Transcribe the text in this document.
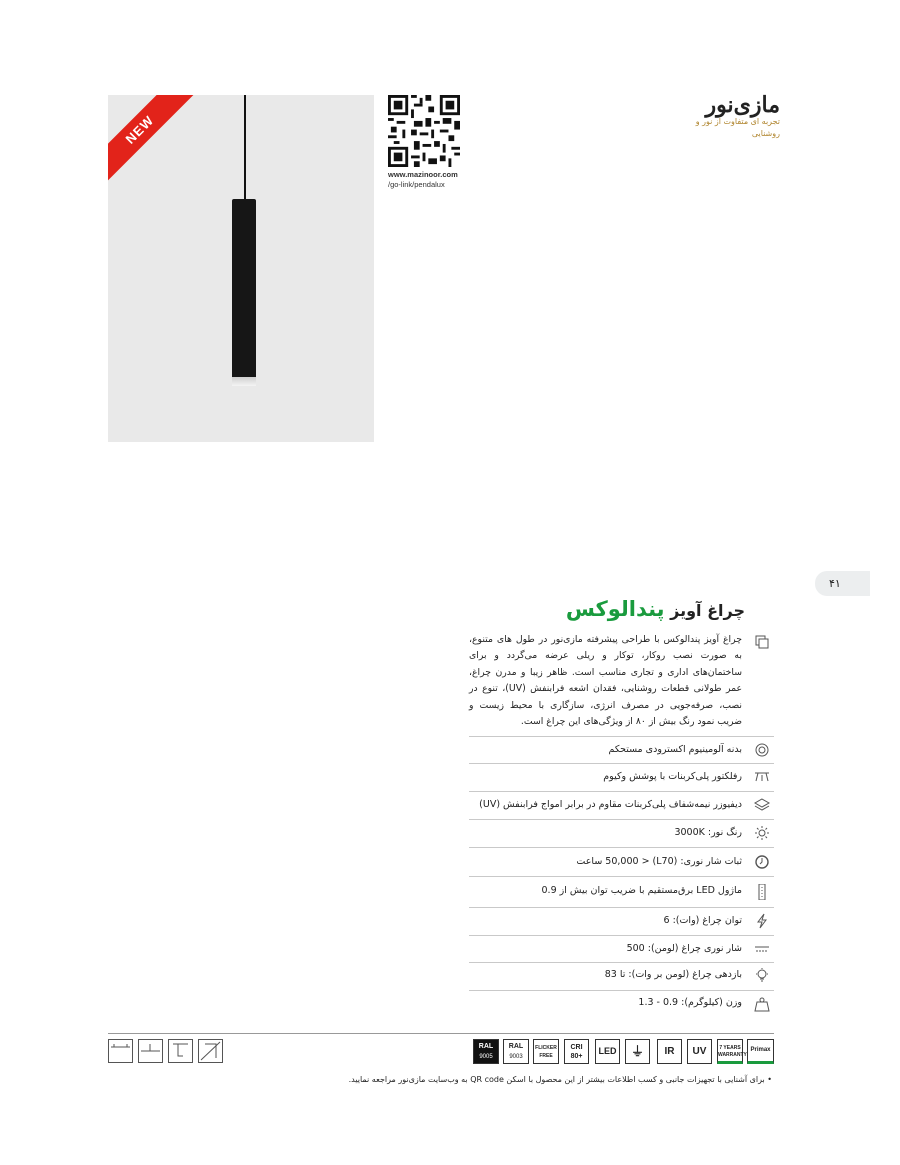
NEW
www.mazinoor.com
/go-link/pendalux
مازی‌نور
تجربه ای متفاوت از نور و روشنایی
۴۱
چراغ آویز پندالوکس
چراغ آویز پندالوکس با طراحی پیشرفته مازی‌نور در طول های متنوع، به صورت نصب روکار، توکار و ریلی عرضه می‌گردد و برای ساختمان‌های اداری و تجاری مناسب است. ظاهر زیبا و مدرن چراغ، عمر طولانی قطعات روشنایی، فقدان اشعه فرابنفش (UV)، تنوع در نصب، صرفه‌جویی در مصرف انرژی، سازگاری با محیط زیست و ضریب نمود رنگ بیش از ۸۰ از ویژگی‌های این چراغ است.
بدنه آلومینیوم اکسترودی مستحکم
رفلکتور پلی‌کربنات با پوشش وکیوم
دیفیوزر نیمه‌شفاف پلی‌کربنات مقاوم در برابر امواج فرابنفش (UV)
رنگ نور: 3000K
ثبات شار نوری: (L70) < 50,000 ساعت
ماژول LED برق‌مستقیم با ضریب توان بیش از 0.9
توان چراغ (وات): 6
شار نوری چراغ (لومن): 500
بازدهی چراغ (لومن بر وات): تا 83
وزن (کیلوگرم): 0.9 - 1.3
RAL
9005
RAL
9003
FLICKER
FREE
CRI
80+
LED	⏚	IR	UV	7 YEARS
WARRANTY
Primax
• برای آشنایی با تجهیزات جانبی و کسب اطلاعات بیشتر از این محصول با اسکن QR code به وب‌سایت مازی‌نور مراجعه نمایید.
